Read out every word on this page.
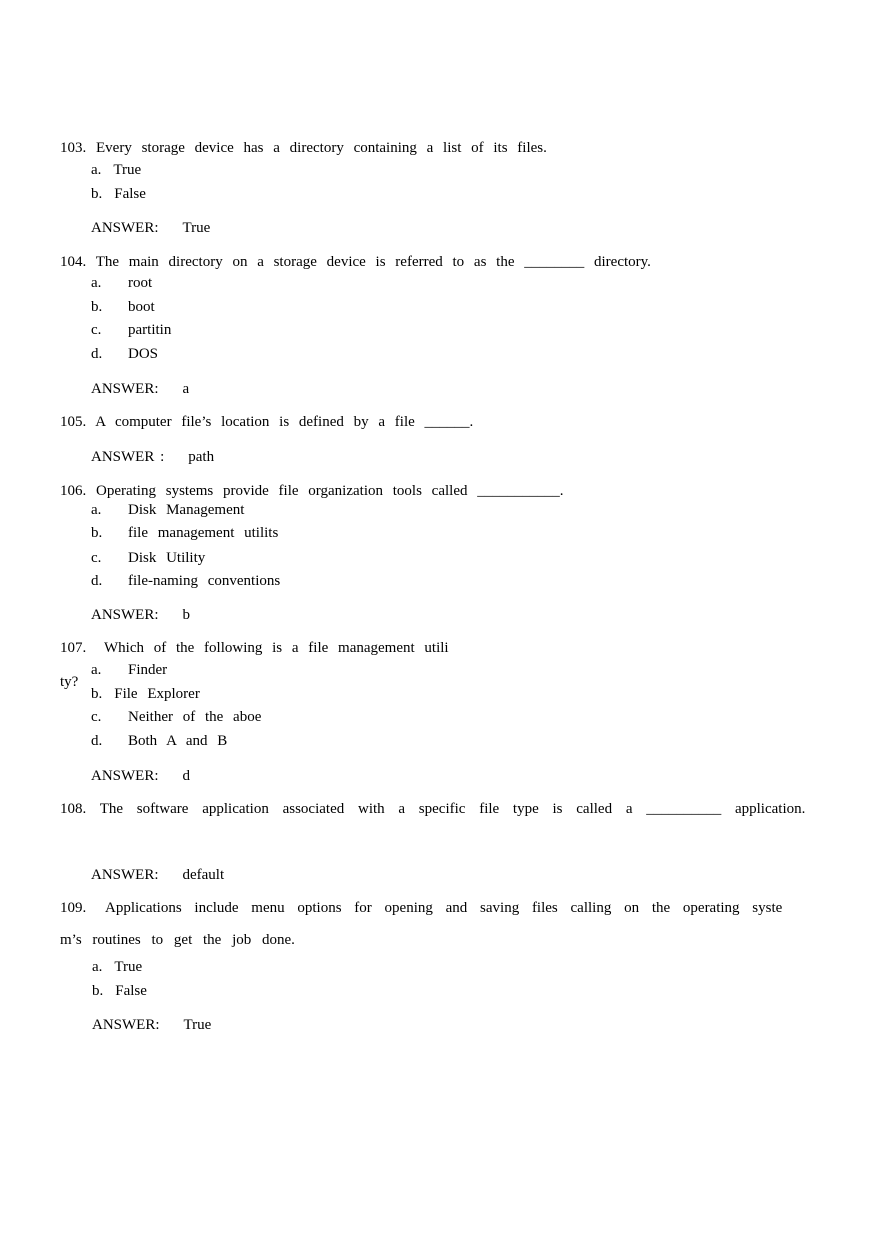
103. Every storage device has a directory containing a list of its files.
a. True
b. False
ANSWER: True
104. The main directory on a storage device is referred to as the ________ directory.
a. root
b. boot
c. partitin
d. DOS
ANSWER: a
105. A computer file’s location is defined by a file ______.
ANSWER : path
106. Operating systems provide file organization tools called ___________.
a. Disk Management
b. file management utilits
c. Disk Utility
d. file-naming conventions
ANSWER: b
107. Which of the following is a file management utili
ty?
a. Finder
b. File Explorer
c. Neither of the aboe
d. Both A and B
ANSWER: d
108. The software application associated with a specific file type is called a __________ application.
ANSWER: default
109. Applications include menu options for opening and saving files calling on the operating syste
m’s routines to get the job done.
a. True
b. False
ANSWER: True
